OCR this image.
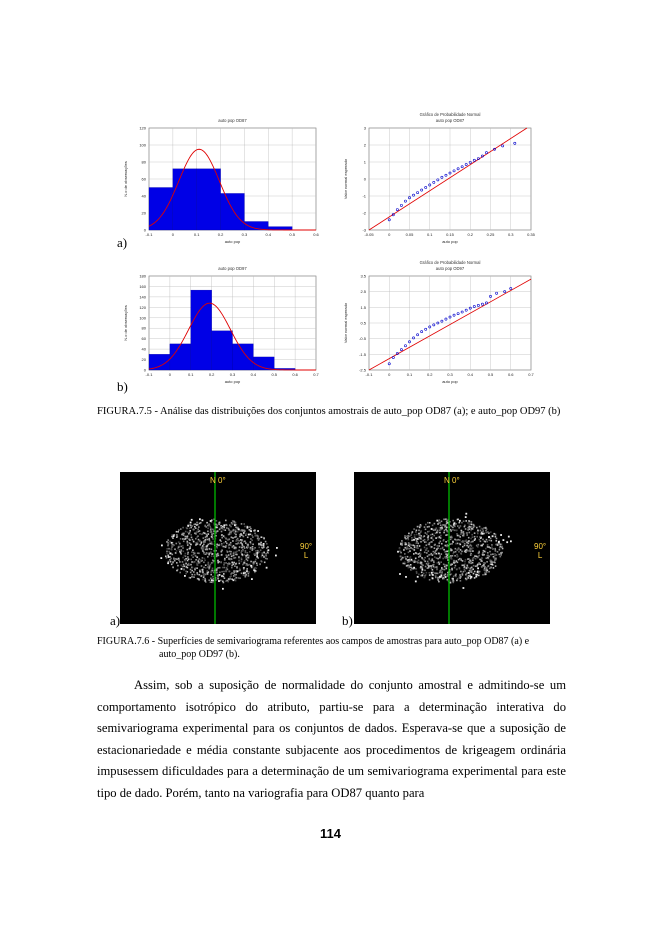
auto pop OD87
-0.1	0	0.1	0.2	0.3	0.4	0.5	0.6
0
20
40
60
80
100
120
auto pop
N.o de observações
Gráfico de Probabilidade Normal
auto pop OD87
-0.05	0	0.05	0.1	0.15	0.2	0.25	0.3	0.35
-3
-2
-1
0
1
2
3
auto pop
Valor normal esperado
auto pop OD97
-0.1	0	0.1	0.2	0.3	0.4	0.5	0.6	0.7
0
20
40
60
80
100
120
140
160
180
auto pop
N.o de observações
Gráfico de Probabilidade Normal
auto pop OD97
-0.1	0	0.1	0.2	0.3	0.4	0.5	0.6	0.7
-2.5
-1.5
-0.5
0.5
1.5
2.5
3.5
auto pop
Valor normal esperado
a)
b)
FIGURA.7.5 - Análise das distribuições dos conjuntos amostrais de auto_pop OD87 (a); e auto_pop OD97 (b)
N 0°
90°
L
N 0°
90°
L
a)	b)
FIGURA.7.6 - Superfícies de semivariograma referentes aos campos de amostras para auto_pop OD87 (a) e auto_pop OD97 (b).

Assim, sob a suposição de normalidade do conjunto amostral e admitindo-se um comportamento isotrópico do atributo, partiu-se para a determinação interativa do semivariograma experimental para os conjuntos de dados. Esperava-se que a suposição de estacionariedade e média constante subjacente aos procedimentos de krigeagem ordinária impusessem dificuldades para a determinação de um semivariograma experimental para este tipo de dado. Porém, tanto na variografia para OD87 quanto para

114
